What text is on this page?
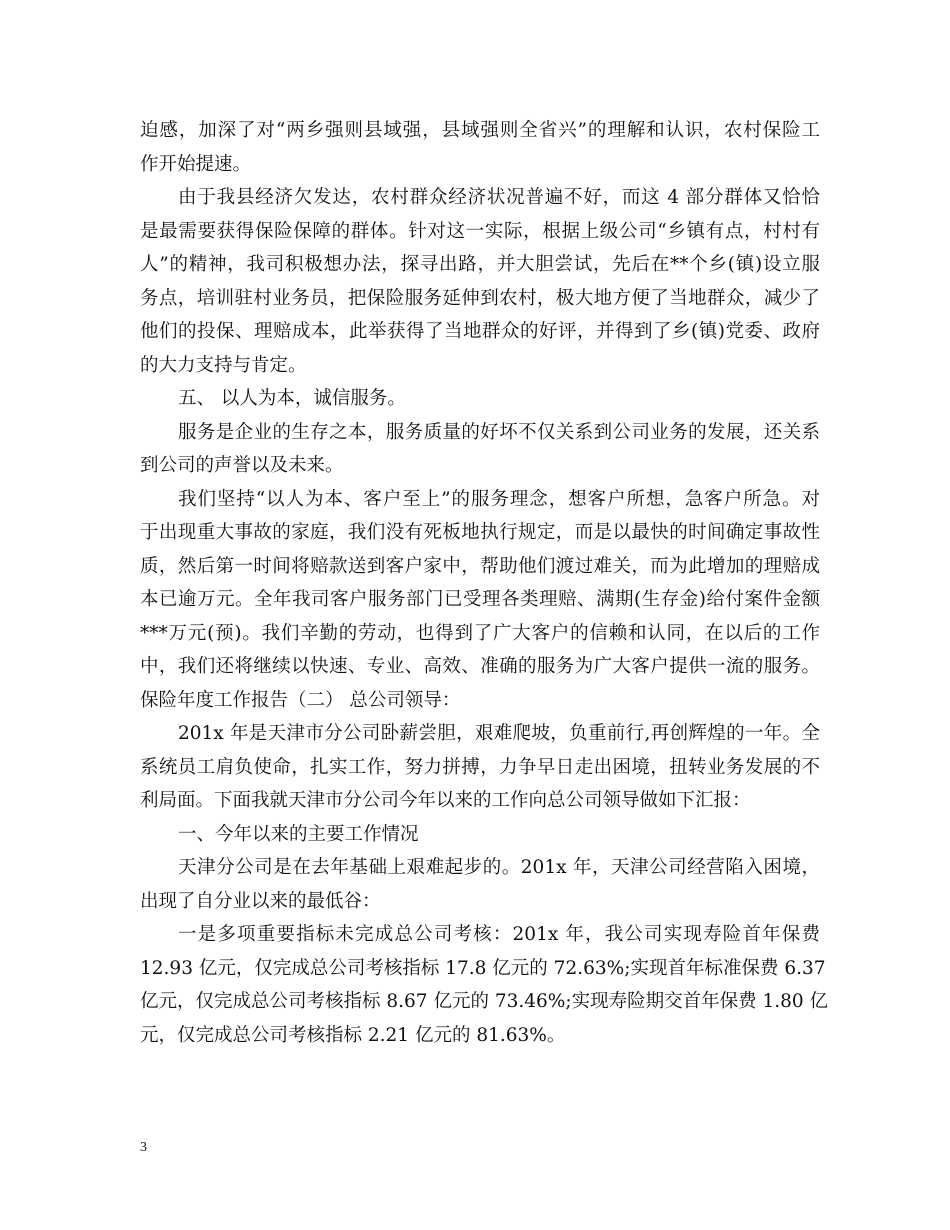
迫感，加深了对“两乡强则县域强，县域强则全省兴”的理解和认识，农村保险工
作开始提速。
由于我县经济欠发达，农村群众经济状况普遍不好，而这 4 部分群体又恰恰
是最需要获得保险保障的群体。针对这一实际，根据上级公司“乡镇有点，村村有
人”的精神，我司积极想办法，探寻出路，并大胆尝试，先后在**个乡(镇)设立服
务点，培训驻村业务员，把保险服务延伸到农村，极大地方便了当地群众，减少了
他们的投保、理赔成本，此举获得了当地群众的好评，并得到了乡(镇)党委、政府
的大力支持与肯定。
五、 以人为本，诚信服务。
服务是企业的生存之本，服务质量的好坏不仅关系到公司业务的发展，还关系
到公司的声誉以及未来。
我们坚持“以人为本、客户至上”的服务理念，想客户所想，急客户所急。对
于出现重大事故的家庭，我们没有死板地执行规定，而是以最快的时间确定事故性
质，然后第一时间将赔款送到客户家中，帮助他们渡过难关，而为此增加的理赔成
本已逾万元。全年我司客户服务部门已受理各类理赔、满期(生存金)给付案件金额
***万元(预)。我们辛勤的劳动，也得到了广大客户的信赖和认同，在以后的工作
中，我们还将继续以快速、专业、高效、准确的服务为广大客户提供一流的服务。
保险年度工作报告（二） 总公司领导：
201x 年是天津市分公司卧薪尝胆，艰难爬坡，负重前行,再创辉煌的一年。全
系统员工肩负使命，扎实工作，努力拼搏，力争早日走出困境，扭转业务发展的不
利局面。下面我就天津市分公司今年以来的工作向总公司领导做如下汇报：
一、今年以来的主要工作情况
天津分公司是在去年基础上艰难起步的。201x 年，天津公司经营陷入困境，
出现了自分业以来的最低谷：
一是多项重要指标未完成总公司考核：201x 年，我公司实现寿险首年保费
12.93 亿元，仅完成总公司考核指标 17.8 亿元的 72.63%;实现首年标准保费 6.37
亿元，仅完成总公司考核指标 8.67 亿元的 73.46%;实现寿险期交首年保费 1.80 亿
元，仅完成总公司考核指标 2.21 亿元的 81.63%。
3
